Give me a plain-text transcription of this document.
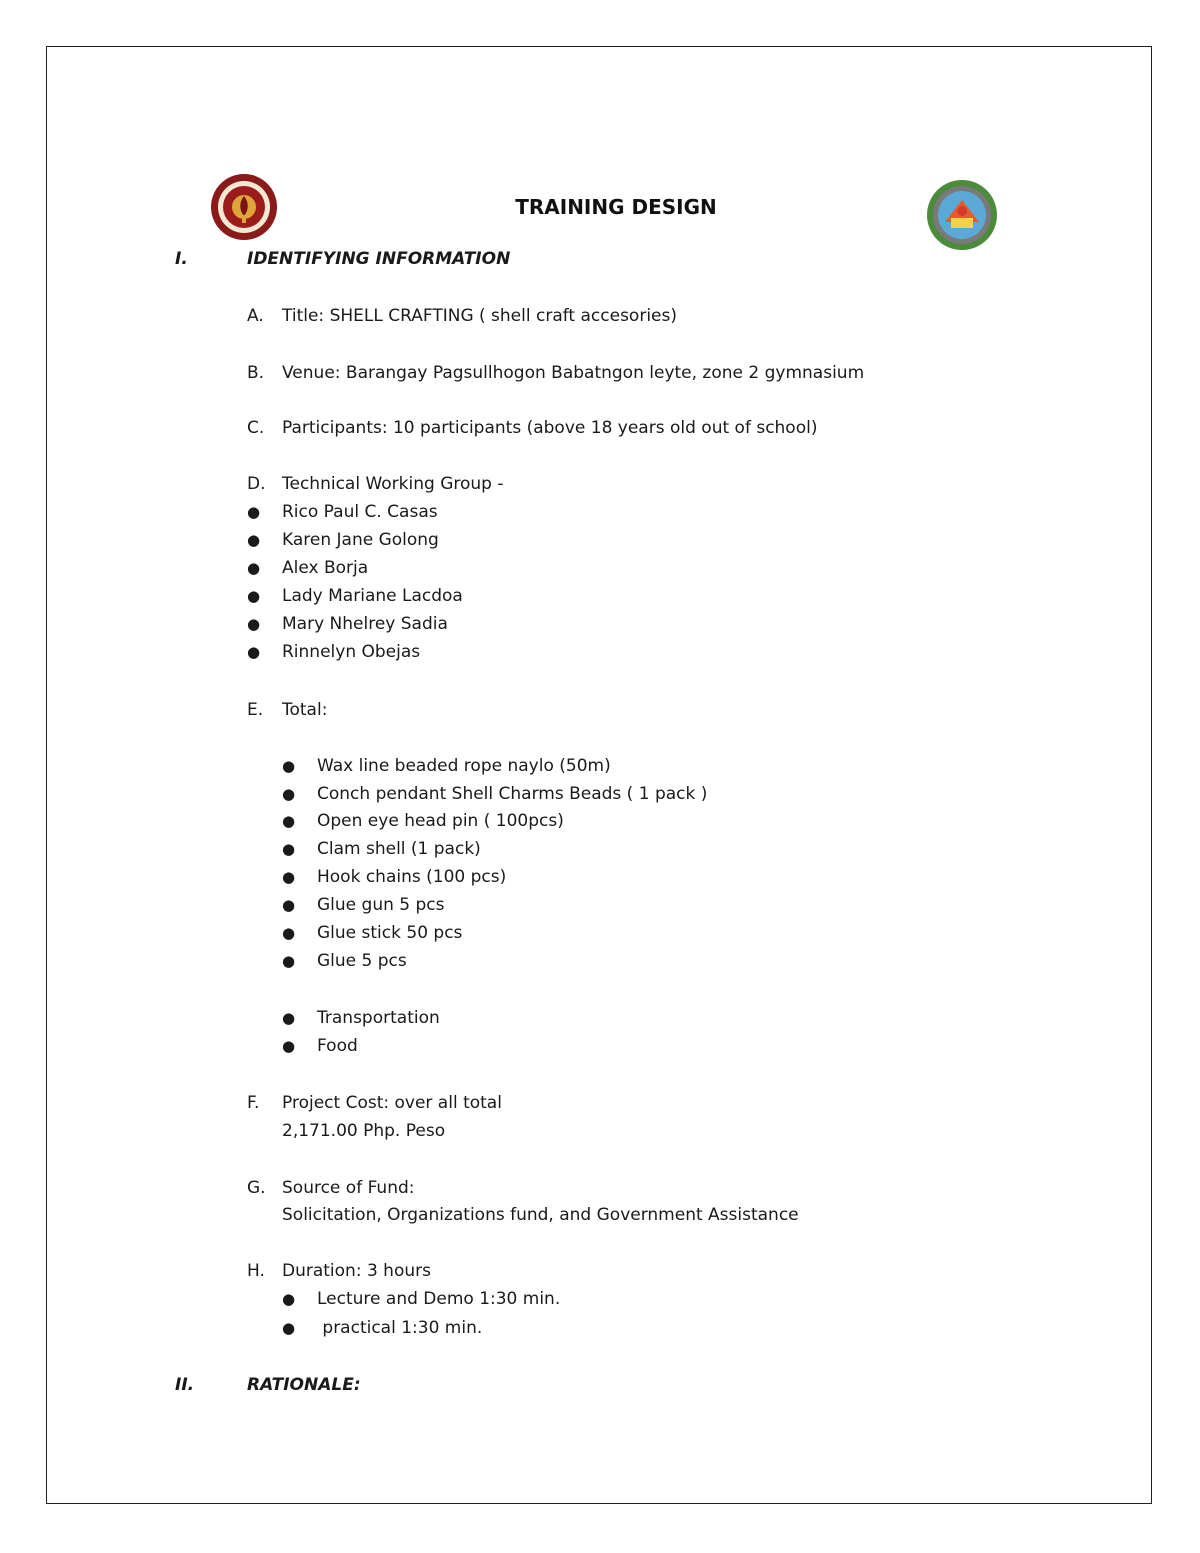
TRAINING DESIGN
I.	IDENTIFYING INFORMATION
A. Title: SHELL CRAFTING ( shell craft accesories)
B. Venue: Barangay Pagsullhogon Babatngon leyte, zone 2 gymnasium
C. Participants: 10 participants (above 18 years old out of school)
D. Technical Working Group -
● Rico Paul C. Casas
● Karen Jane Golong
● Alex Borja
● Lady Mariane Lacdoa
● Mary Nhelrey Sadia
● Rinnelyn Obejas
E. Total:
● Wax line beaded rope naylo (50m)
● Conch pendant Shell Charms Beads ( 1 pack )
● Open eye head pin ( 100pcs)
● Clam shell (1 pack)
● Hook chains (100 pcs)
● Glue gun 5 pcs
● Glue stick 50 pcs
● Glue 5 pcs
● Transportation
● Food
F. Project Cost: over all total
2,171.00 Php. Peso
G. Source of Fund:
Solicitation, Organizations fund, and Government Assistance
H. Duration: 3 hours
● Lecture and Demo 1:30 min.
● practical 1:30 min.
II.	RATIONALE:
